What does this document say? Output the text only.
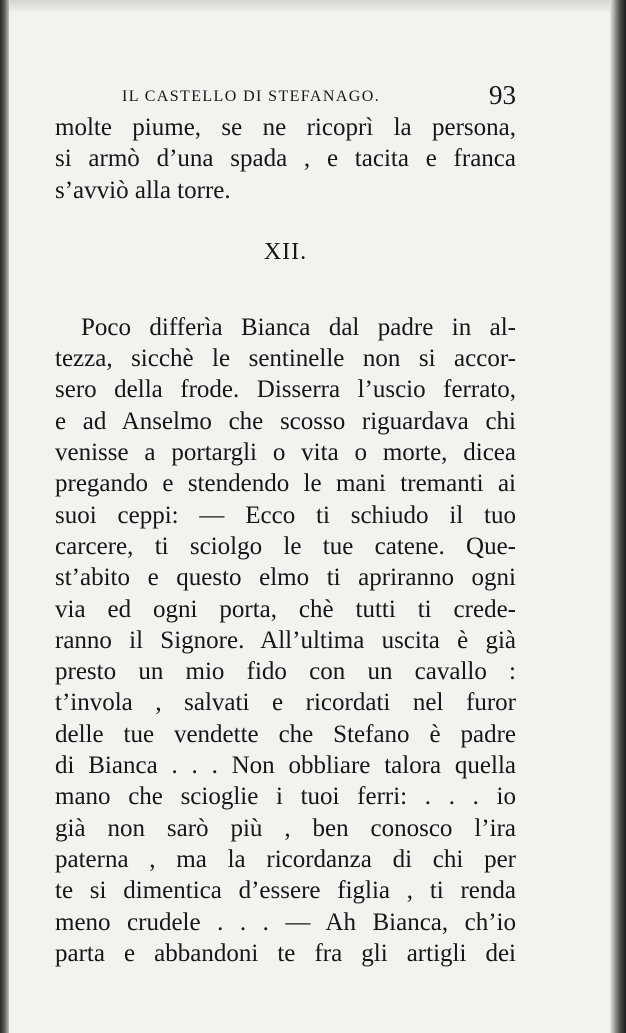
IL CASTELLO DI STEFANAGO.	93
molte piume, se ne ricoprì la persona,
si armò d’una spada , e tacita e franca
s’avviò alla torre.
XII.
Poco differìa Bianca dal padre in al-
tezza, sicchè le sentinelle non si accor-
sero della frode. Disserra l’uscio ferrato,
e ad Anselmo che scosso riguardava chi
venisse a portargli o vita o morte, dicea
pregando e stendendo le mani tremanti ai
suoi ceppi: — Ecco ti schiudo il tuo
carcere, ti sciolgo le tue catene. Que-
st’abito e questo elmo ti apriranno ogni
via ed ogni porta, chè tutti ti crede-
ranno il Signore. All’ultima uscita è già
presto un mio fido con un cavallo :
t’invola , salvati e ricordati nel furor
delle tue vendette che Stefano è padre
di Bianca . . . Non obbliare talora quella
mano che scioglie i tuoi ferri: . . . io
già non sarò più , ben conosco l’ira
paterna , ma la ricordanza di chi per
te si dimentica d’essere figlia , ti renda
meno crudele . . . — Ah Bianca, ch’io
parta e abbandoni te fra gli artigli dei
